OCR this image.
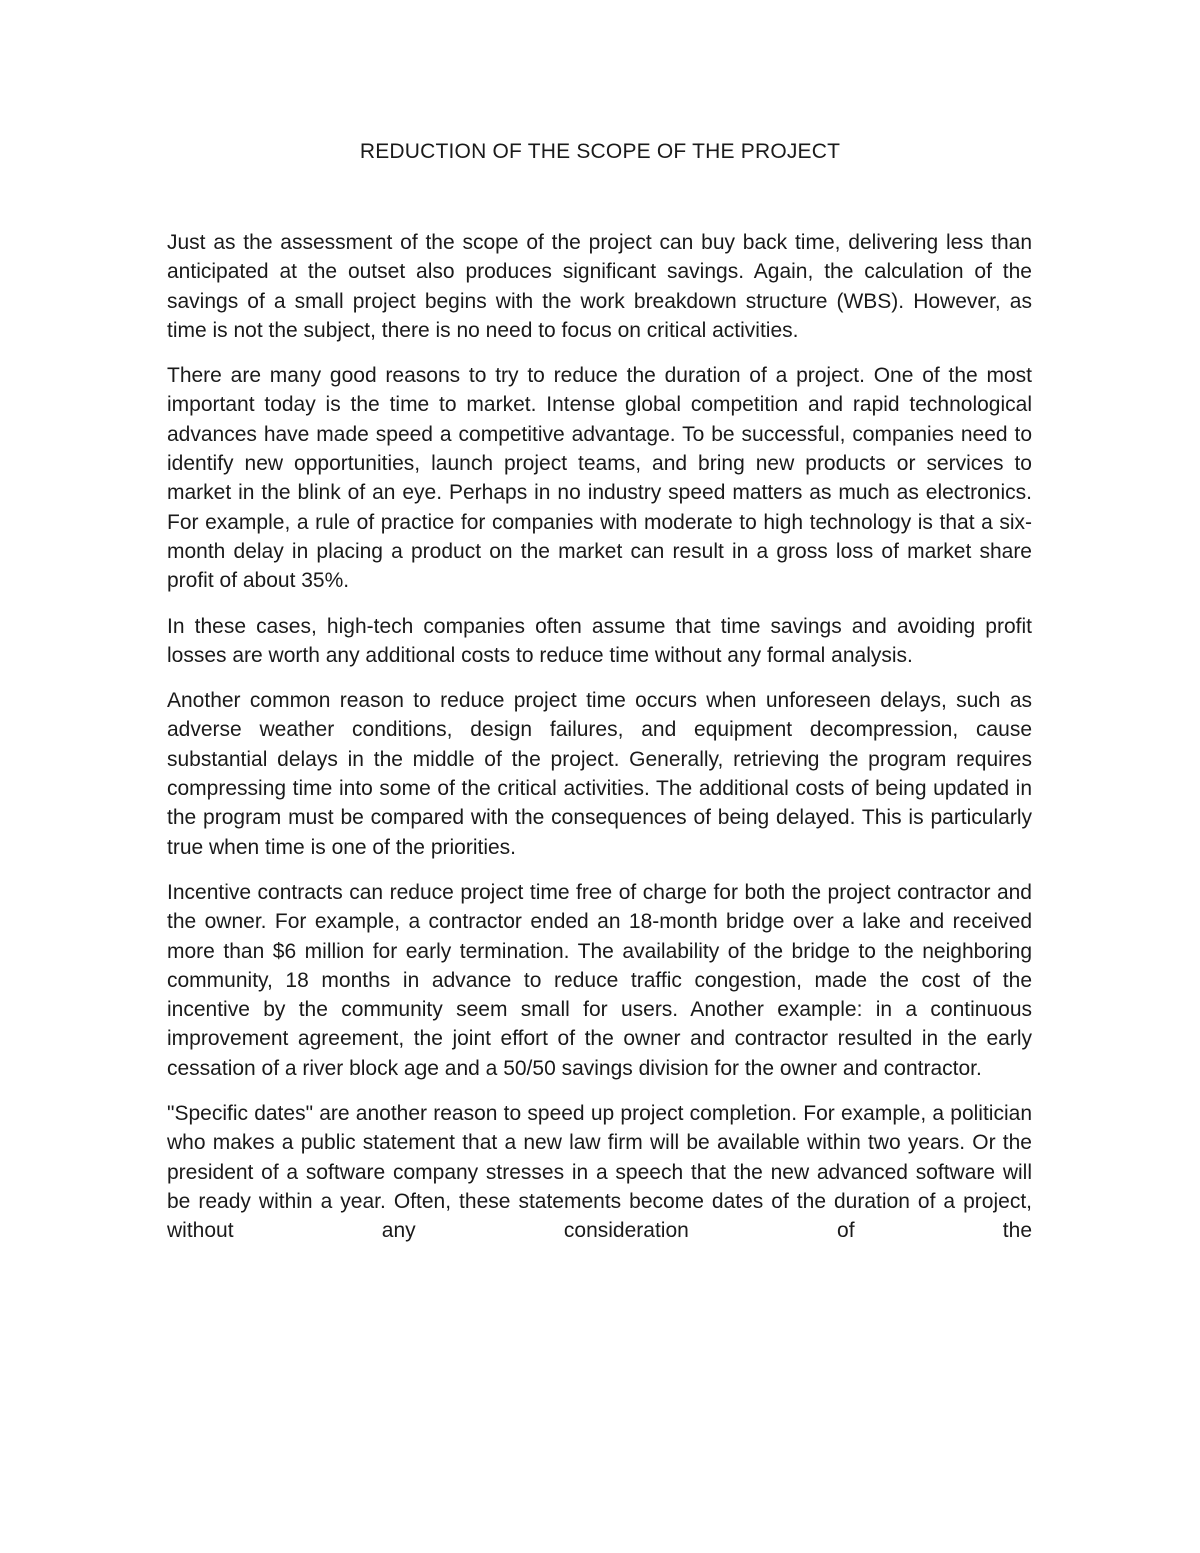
REDUCTION OF THE SCOPE OF THE PROJECT

Just as the assessment of the scope of the project can buy back time, delivering less than anticipated at the outset also produces significant savings. Again, the calculation of the savings of a small project begins with the work breakdown structure (WBS). However, as time is not the subject, there is no need to focus on critical activities.

There are many good reasons to try to reduce the duration of a project. One of the most important today is the time to market. Intense global competition and rapid technological advances have made speed a competitive advantage. To be successful, companies need to identify new opportunities, launch project teams, and bring new products or services to market in the blink of an eye. Perhaps in no industry speed matters as much as electronics. For example, a rule of practice for companies with moderate to high technology is that a six-month delay in placing a product on the market can result in a gross loss of market share profit of about 35%.

In these cases, high-tech companies often assume that time savings and avoiding profit losses are worth any additional costs to reduce time without any formal analysis.

Another common reason to reduce project time occurs when unforeseen delays, such as adverse weather conditions, design failures, and equipment decompression, cause substantial delays in the middle of the project. Generally, retrieving the program requires compressing time into some of the critical activities. The additional costs of being updated in the program must be compared with the consequences of being delayed. This is particularly true when time is one of the priorities.

Incentive contracts can reduce project time free of charge for both the project contractor and the owner. For example, a contractor ended an 18-month bridge over a lake and received more than $6 million for early termination. The availability of the bridge to the neighboring community, 18 months in advance to reduce traffic congestion, made the cost of the incentive by the community seem small for users. Another example: in a continuous improvement agreement, the joint effort of the owner and contractor resulted in the early cessation of a river block age and a 50/50 savings division for the owner and contractor.

"Specific dates" are another reason to speed up project completion. For example, a politician who makes a public statement that a new law firm will be available within two years. Or the president of a software company stresses in a speech that the new advanced software will be ready within a year. Often, these statements become dates of the duration of a project, without any consideration of the
